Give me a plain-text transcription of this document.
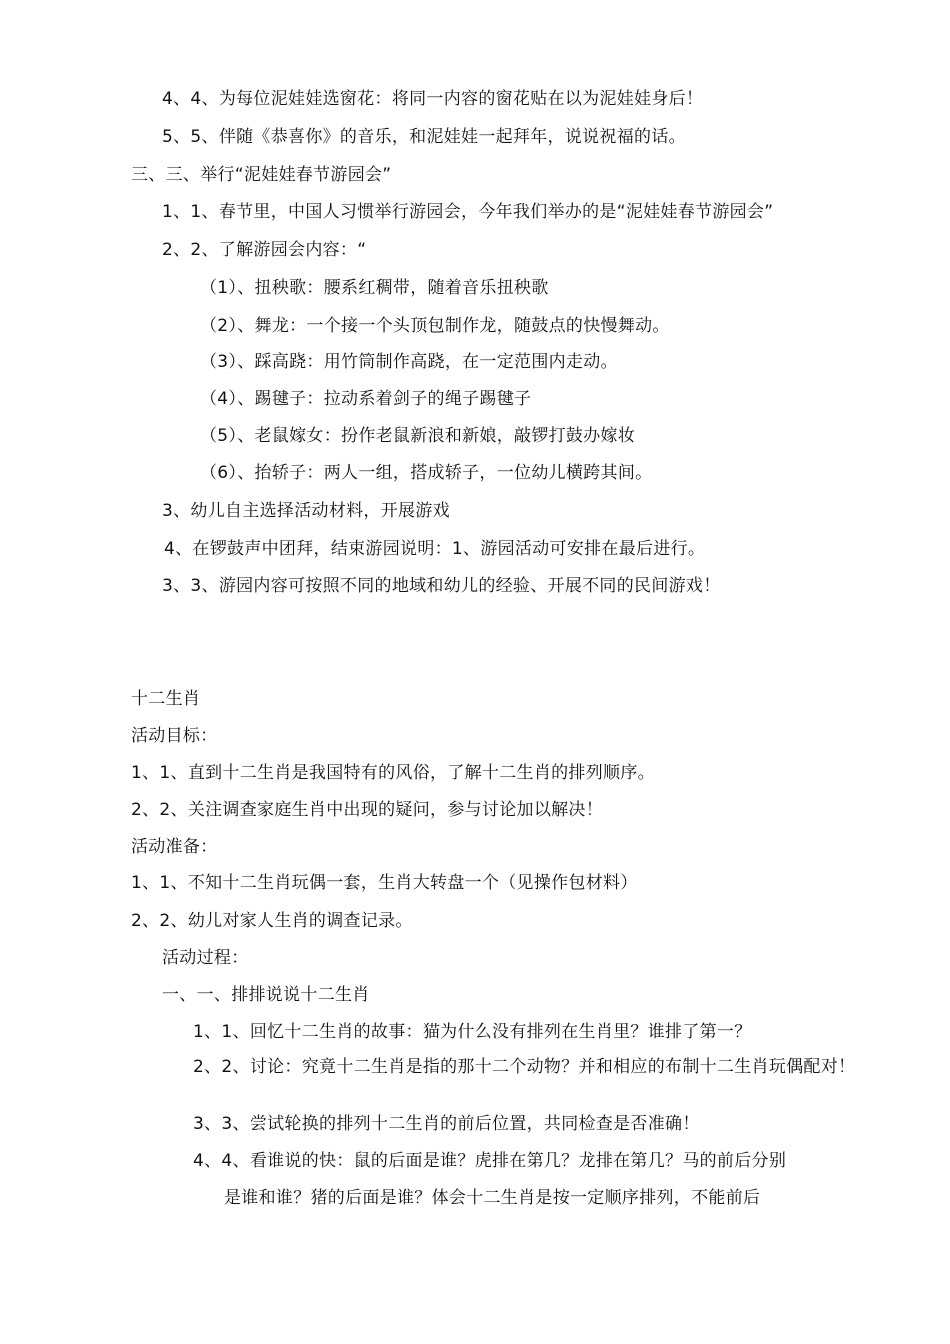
4、4、为每位泥娃娃选窗花：将同一内容的窗花贴在以为泥娃娃身后！
5、5、伴随《恭喜你》的音乐，和泥娃娃一起拜年，说说祝福的话。
三、三、举行“泥娃娃春节游园会”
1、1、春节里，中国人习惯举行游园会，今年我们举办的是“泥娃娃春节游园会”
2、2、了解游园会内容：“
（1）、扭秧歌：腰系红稠带，随着音乐扭秧歌
（2）、舞龙：一个接一个头顶包制作龙，随鼓点的快慢舞动。
（3）、踩高跷：用竹筒制作高跷，在一定范围内走动。
（4）、踢毽子：拉动系着剑子的绳子踢毽子
（5）、老鼠嫁女：扮作老鼠新浪和新娘，敲锣打鼓办嫁妆
（6）、抬轿子：两人一组，搭成轿子，一位幼儿横跨其间。
3、幼儿自主选择活动材料，开展游戏
4、在锣鼓声中团拜，结束游园说明：1、游园活动可安排在最后进行。
3、3、游园内容可按照不同的地域和幼儿的经验、开展不同的民间游戏！
十二生肖
活动目标：
1、1、直到十二生肖是我国特有的风俗，了解十二生肖的排列顺序。
2、2、关注调查家庭生肖中出现的疑问，参与讨论加以解决！
活动准备：
1、1、不知十二生肖玩偶一套，生肖大转盘一个（见操作包材料）
2、2、幼儿对家人生肖的调查记录。
活动过程：
一、一、排排说说十二生肖
1、1、回忆十二生肖的故事：猫为什么没有排列在生肖里？谁排了第一？
2、2、讨论：究竟十二生肖是指的那十二个动物？并和相应的布制十二生肖玩偶配对！
3、3、尝试轮换的排列十二生肖的前后位置，共同检查是否准确！
4、4、看谁说的快：鼠的后面是谁？虎排在第几？龙排在第几？马的前后分别
是谁和谁？猪的后面是谁？体会十二生肖是按一定顺序排列，不能前后
